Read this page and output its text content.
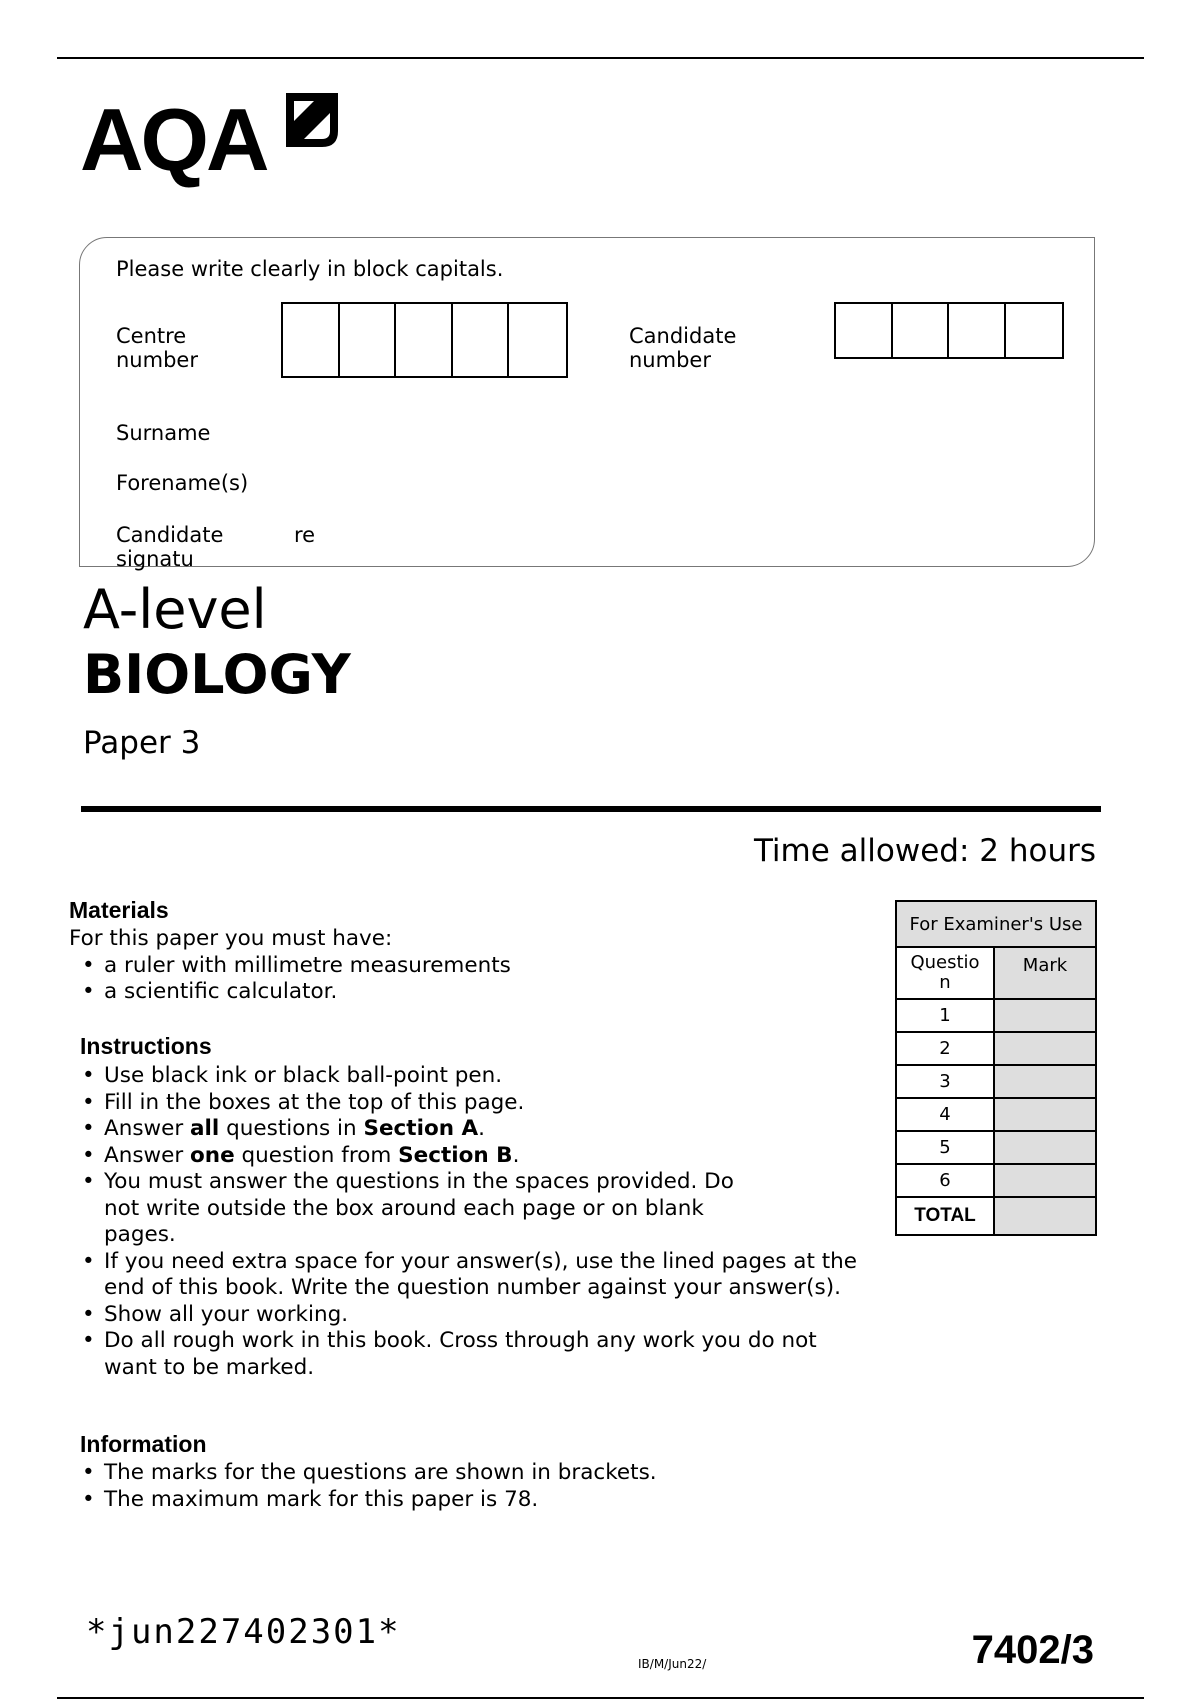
AQA
Please write clearly in block capitals.
Centre
number
Candidate
number
Surname
Forename(s)
Candidate
signatu
re
A-level
BIOLOGY
Paper 3
Time allowed: 2 hours
Materials
For this paper you must have:
• a ruler with millimetre measurements
• a scientific calculator.
Instructions
• Use black ink or black ball-point pen.
• Fill in the boxes at the top of this page.
• Answer all questions in Section A.
• Answer one question from Section B.
• You must answer the questions in the spaces provided. Do not write outside the box around each page or on blank pages.
• If you need extra space for your answer(s), use the lined pages at the end of this book. Write the question number against your answer(s).
• Show all your working.
• Do all rough work in this book. Cross through any work you do not want to be marked.
Information
• The marks for the questions are shown in brackets.
• The maximum mark for this paper is 78.
For Examiner's Use	

Questio
n	Mark
1	
2	
3	
4	
5	
6	
TOTAL	
*jun227402301*
IB/M/Jun22/	7402/3
